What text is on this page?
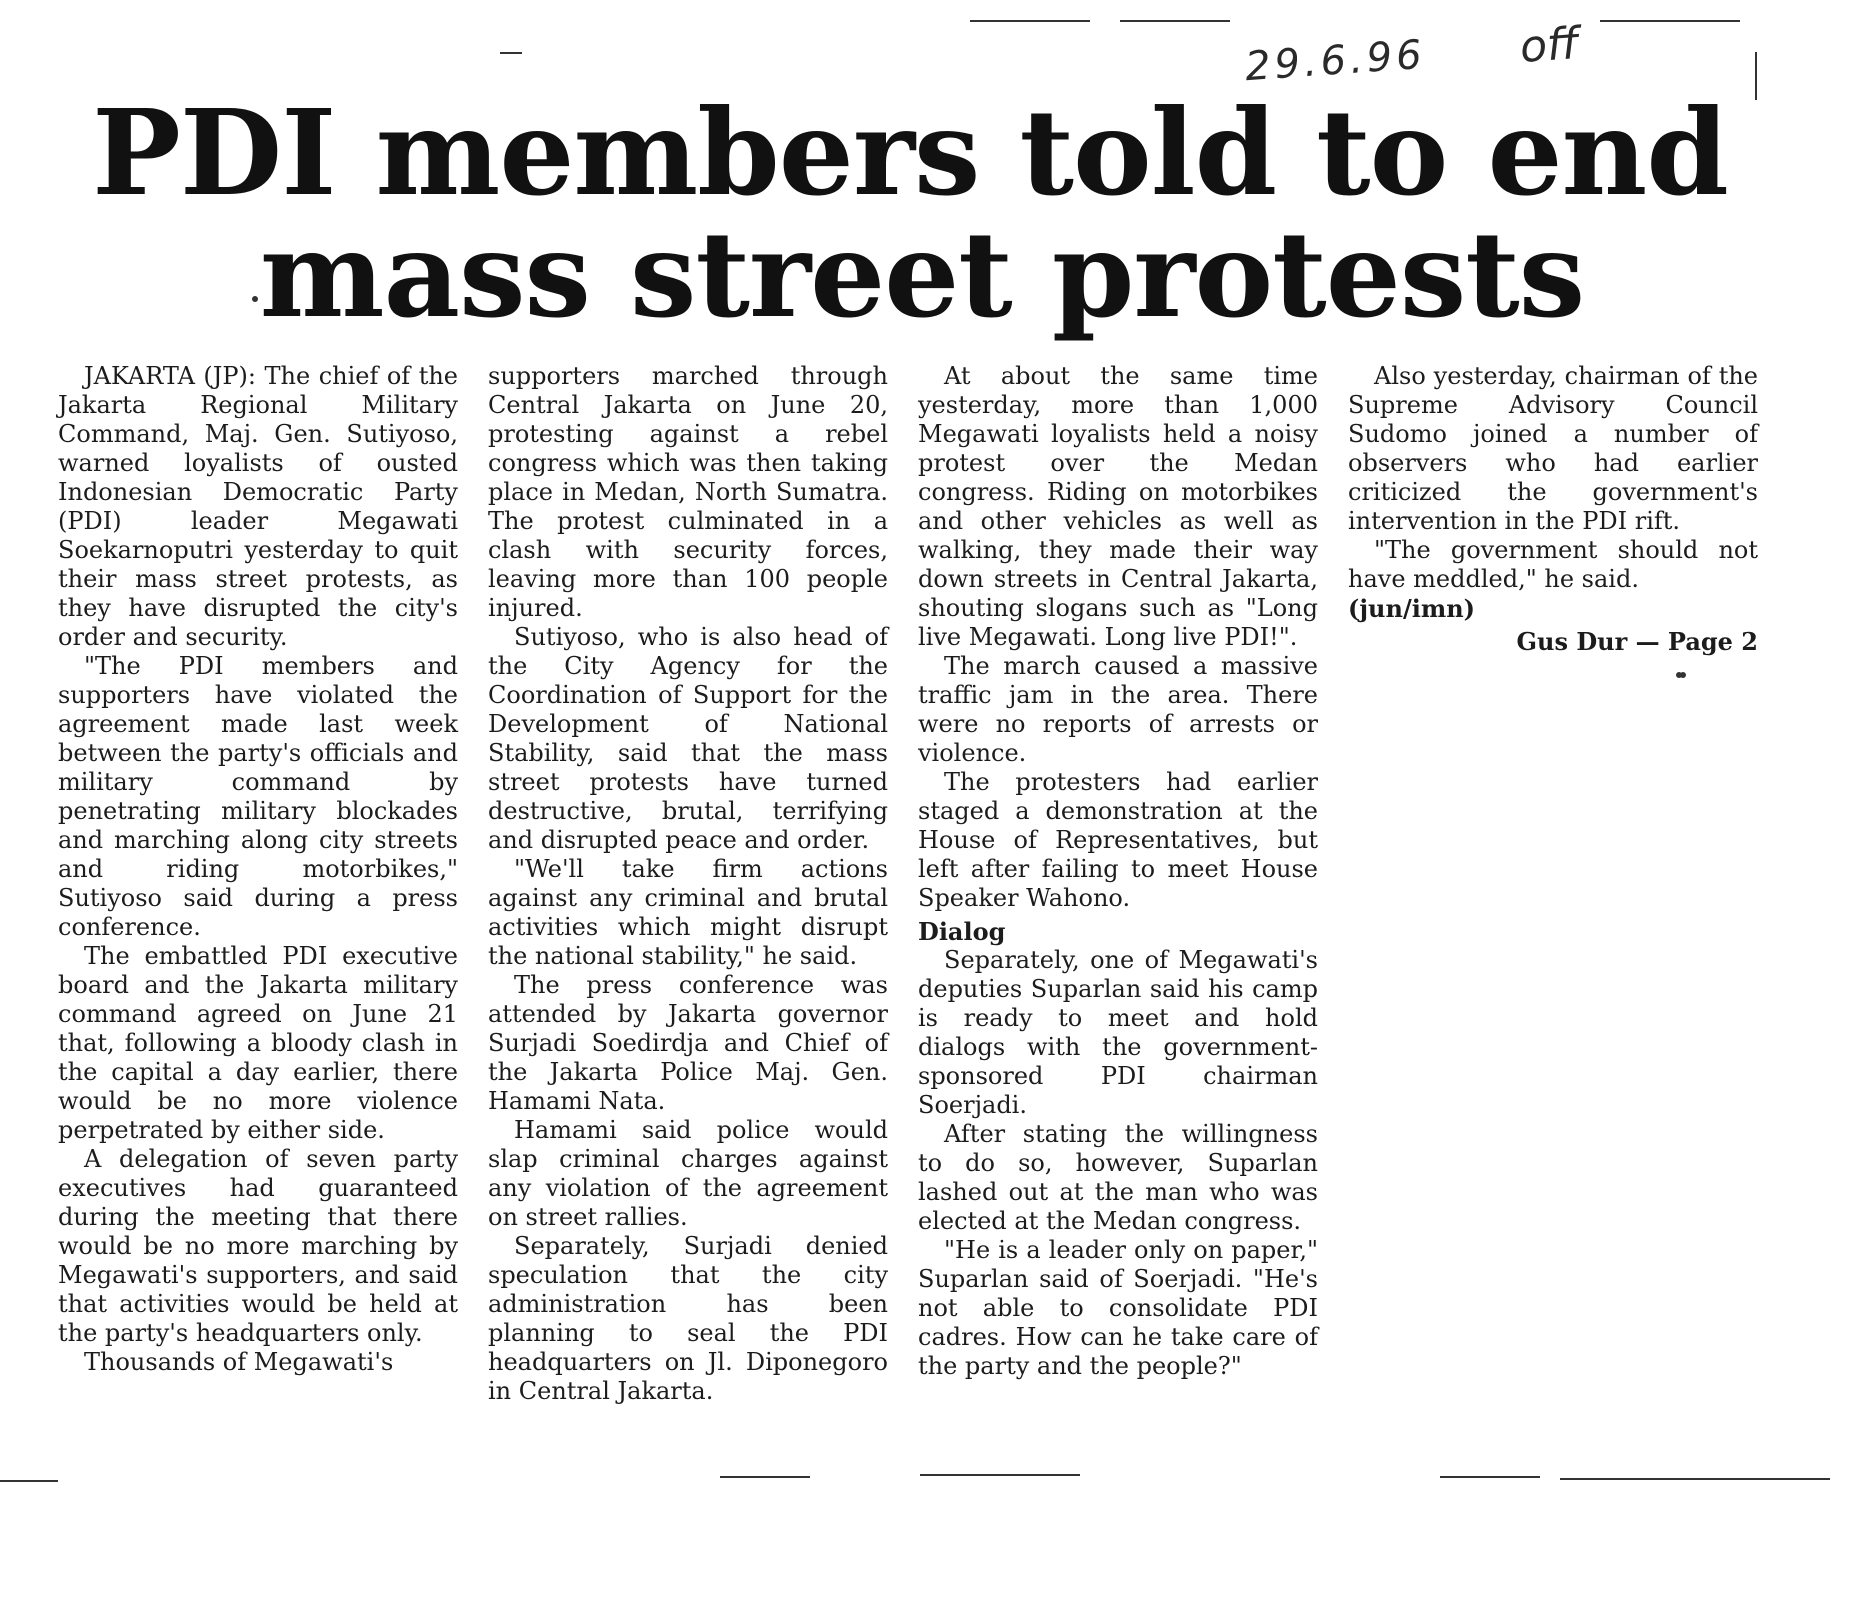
29.6.96 off
PDI members told to end
mass street protests

JAKARTA (JP): The chief of the Jakarta Regional Military Command, Maj. Gen. Sutiyoso, warned loyalists of ousted Indonesian Democratic Party (PDI) leader Megawati Soekarnoputri yesterday to quit their mass street protests, as they have disrupted the city's order and security.

"The PDI members and supporters have violated the agreement made last week between the party's officials and military command by penetrating military blockades and marching along city streets and riding motorbikes," Sutiyoso said during a press conference.

The embattled PDI executive board and the Jakarta military command agreed on June 21 that, following a bloody clash in the capital a day earlier, there would be no more violence perpetrated by either side.

A delegation of seven party executives had guaranteed during the meeting that there would be no more marching by Megawati's supporters, and said that activities would be held at the party's headquarters only.

Thousands of Megawati's

supporters marched through Central Jakarta on June 20, protesting against a rebel congress which was then taking place in Medan, North Sumatra. The protest culminated in a clash with security forces, leaving more than 100 people injured.

Sutiyoso, who is also head of the City Agency for the Coordination of Support for the Development of National Stability, said that the mass street protests have turned destructive, brutal, terrifying and disrupted peace and order.

"We'll take firm actions against any criminal and brutal activities which might disrupt the national stability," he said.

The press conference was attended by Jakarta governor Surjadi Soedirdja and Chief of the Jakarta Police Maj. Gen. Hamami Nata.

Hamami said police would slap criminal charges against any violation of the agreement on street rallies.

Separately, Surjadi denied speculation that the city administration has been planning to seal the PDI headquarters on Jl. Diponegoro in Central Jakarta.

At about the same time yesterday, more than 1,000 Megawati loyalists held a noisy protest over the Medan congress. Riding on motorbikes and other vehicles as well as walking, they made their way down streets in Central Jakarta, shouting slogans such as "Long live Megawati. Long live PDI!".

The march caused a massive traffic jam in the area. There were no reports of arrests or violence.

The protesters had earlier staged a demonstration at the House of Representatives, but left after failing to meet House Speaker Wahono.

Dialog

Separately, one of Megawati's deputies Suparlan said his camp is ready to meet and hold dialogs with the government-sponsored PDI chairman Soerjadi.

After stating the willingness to do so, however, Suparlan lashed out at the man who was elected at the Medan congress.

"He is a leader only on paper," Suparlan said of Soerjadi. "He's not able to consolidate PDI cadres. How can he take care of the party and the people?"

Also yesterday, chairman of the Supreme Advisory Council Sudomo joined a number of observers who had earlier criticized the government's intervention in the PDI rift.

"The government should not have meddled," he said.

(jun/imn)

Gus Dur — Page 2
